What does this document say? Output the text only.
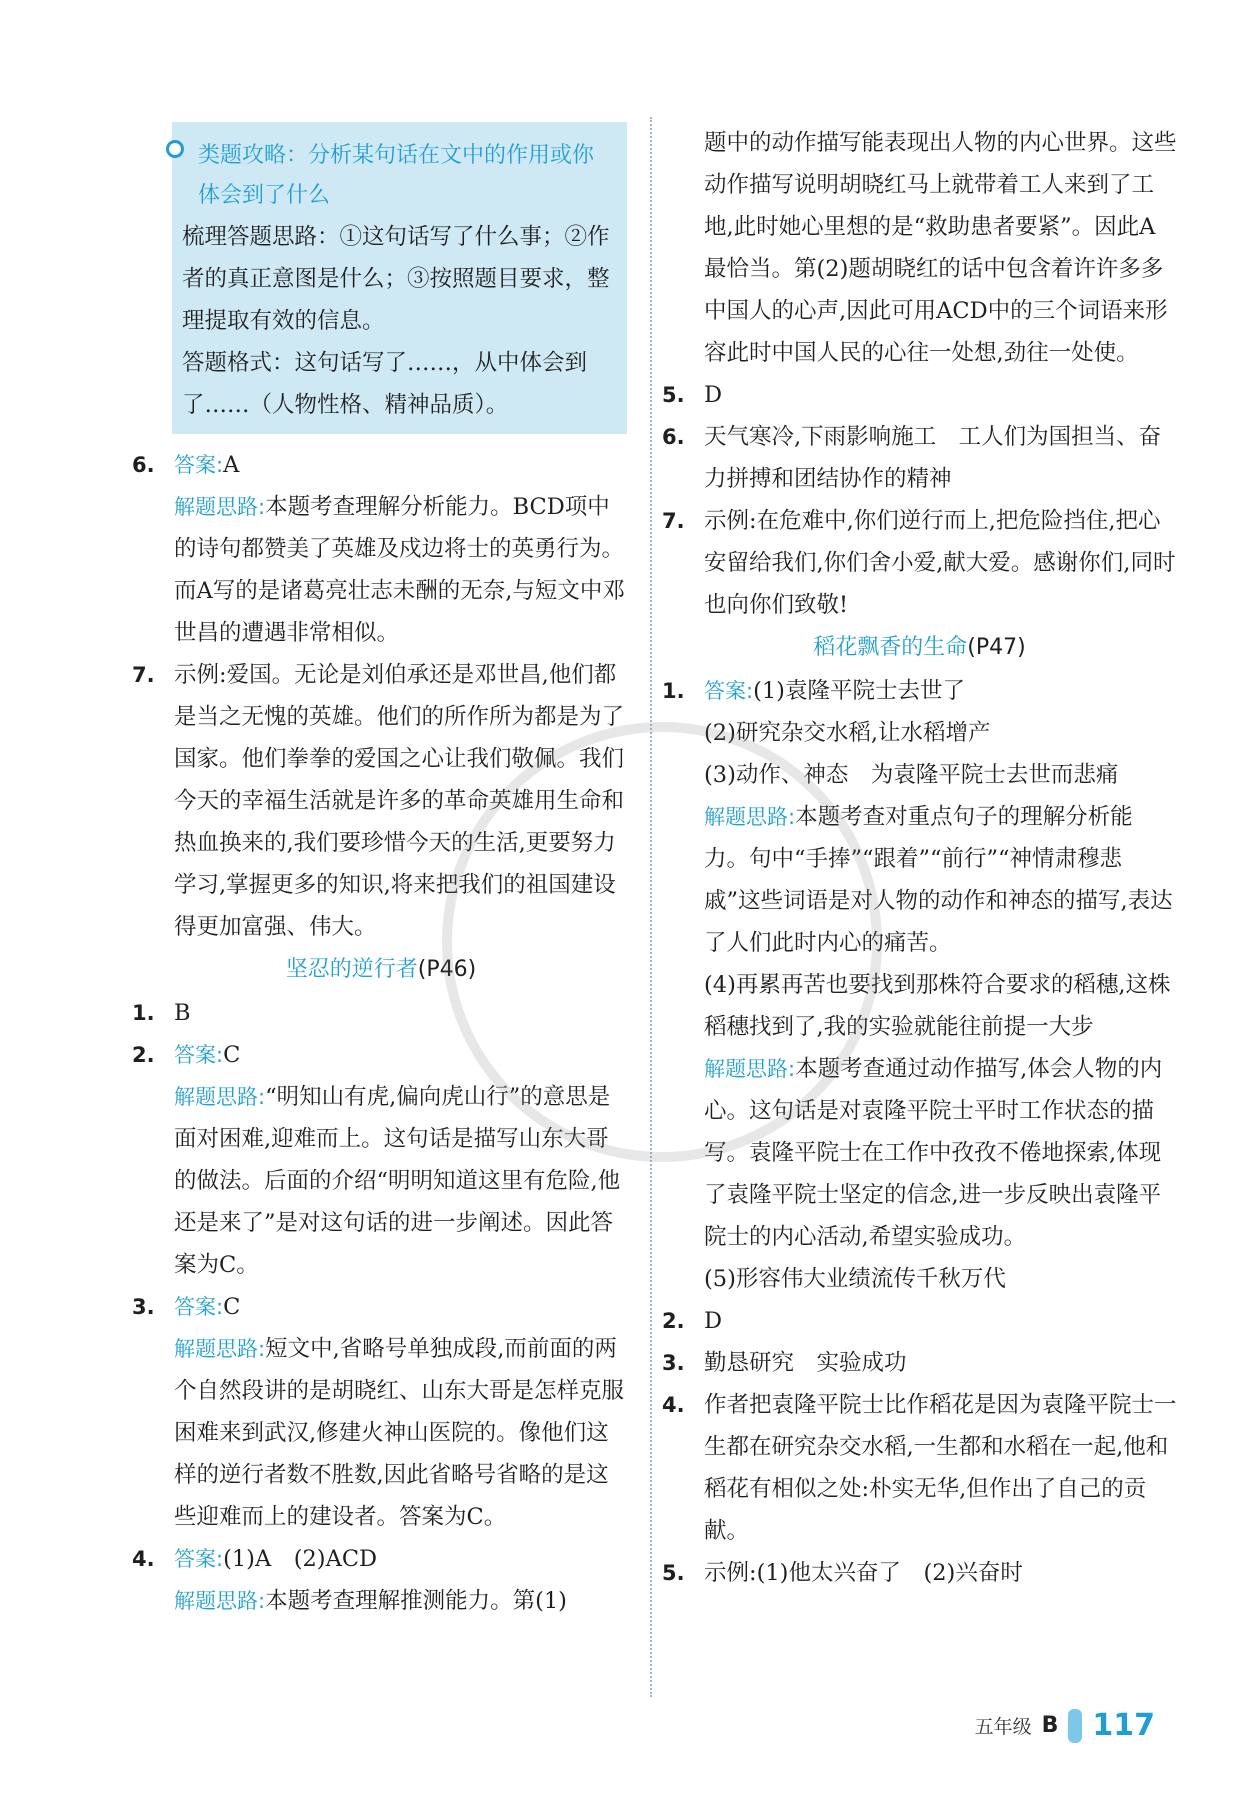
类题攻略：分析某句话在文中的作用或你体会到了什么
梳理答题思路：①这句话写了什么事；②作者的真正意图是什么；③按照题目要求，整理提取有效的信息。
答题格式：这句话写了……，从中体会到了……（人物性格、精神品质）。
6. 答案:A
解题思路:本题考查理解分析能力。BCD项中的诗句都赞美了英雄及戍边将士的英勇行为。而A写的是诸葛亮壮志未酬的无奈,与短文中邓世昌的遭遇非常相似。
7. 示例:爱国。无论是刘伯承还是邓世昌,他们都是当之无愧的英雄。他们的所作所为都是为了国家。他们拳拳的爱国之心让我们敬佩。我们今天的幸福生活就是许多的革命英雄用生命和热血换来的,我们要珍惜今天的生活,更要努力学习,掌握更多的知识,将来把我们的祖国建设得更加富强、伟大。
坚忍的逆行者(P46)
1. B
2. 答案:C
解题思路:“明知山有虎,偏向虎山行”的意思是面对困难,迎难而上。这句话是描写山东大哥的做法。后面的介绍“明明知道这里有危险,他还是来了”是对这句话的进一步阐述。因此答案为C。
3. 答案:C
解题思路:短文中,省略号单独成段,而前面的两个自然段讲的是胡晓红、山东大哥是怎样克服困难来到武汉,修建火神山医院的。像他们这样的逆行者数不胜数,因此省略号省略的是这些迎难而上的建设者。答案为C。
4. 答案:(1)A　(2)ACD
解题思路:本题考查理解推测能力。第(1)
题中的动作描写能表现出人物的内心世界。这些动作描写说明胡晓红马上就带着工人来到了工地,此时她心里想的是“救助患者要紧”。因此A最恰当。第(2)题胡晓红的话中包含着许许多多中国人的心声,因此可用ACD中的三个词语来形容此时中国人民的心往一处想,劲往一处使。
5. D
6. 天气寒冷,下雨影响施工　工人们为国担当、奋力拼搏和团结协作的精神
7. 示例:在危难中,你们逆行而上,把危险挡住,把心安留给我们,你们舍小爱,献大爱。感谢你们,同时也向你们致敬!
稻花飘香的生命(P47)
1. 答案:(1)袁隆平院士去世了
(2)研究杂交水稻,让水稻增产
(3)动作、神态　为袁隆平院士去世而悲痛
解题思路:本题考查对重点句子的理解分析能力。句中“手捧”“跟着”“前行”“神情肃穆悲戚”这些词语是对人物的动作和神态的描写,表达了人们此时内心的痛苦。
(4)再累再苦也要找到那株符合要求的稻穗,这株稻穗找到了,我的实验就能往前提一大步
解题思路:本题考查通过动作描写,体会人物的内心。这句话是对袁隆平院士平时工作状态的描写。袁隆平院士在工作中孜孜不倦地探索,体现了袁隆平院士坚定的信念,进一步反映出袁隆平院士的内心活动,希望实验成功。
(5)形容伟大业绩流传千秋万代
2. D
3. 勤恳研究　实验成功
4. 作者把袁隆平院士比作稻花是因为袁隆平院士一生都在研究杂交水稻,一生都和水稻在一起,他和稻花有相似之处:朴实无华,但作出了自己的贡献。
5. 示例:(1)他太兴奋了　(2)兴奋时
五年级 B 117
